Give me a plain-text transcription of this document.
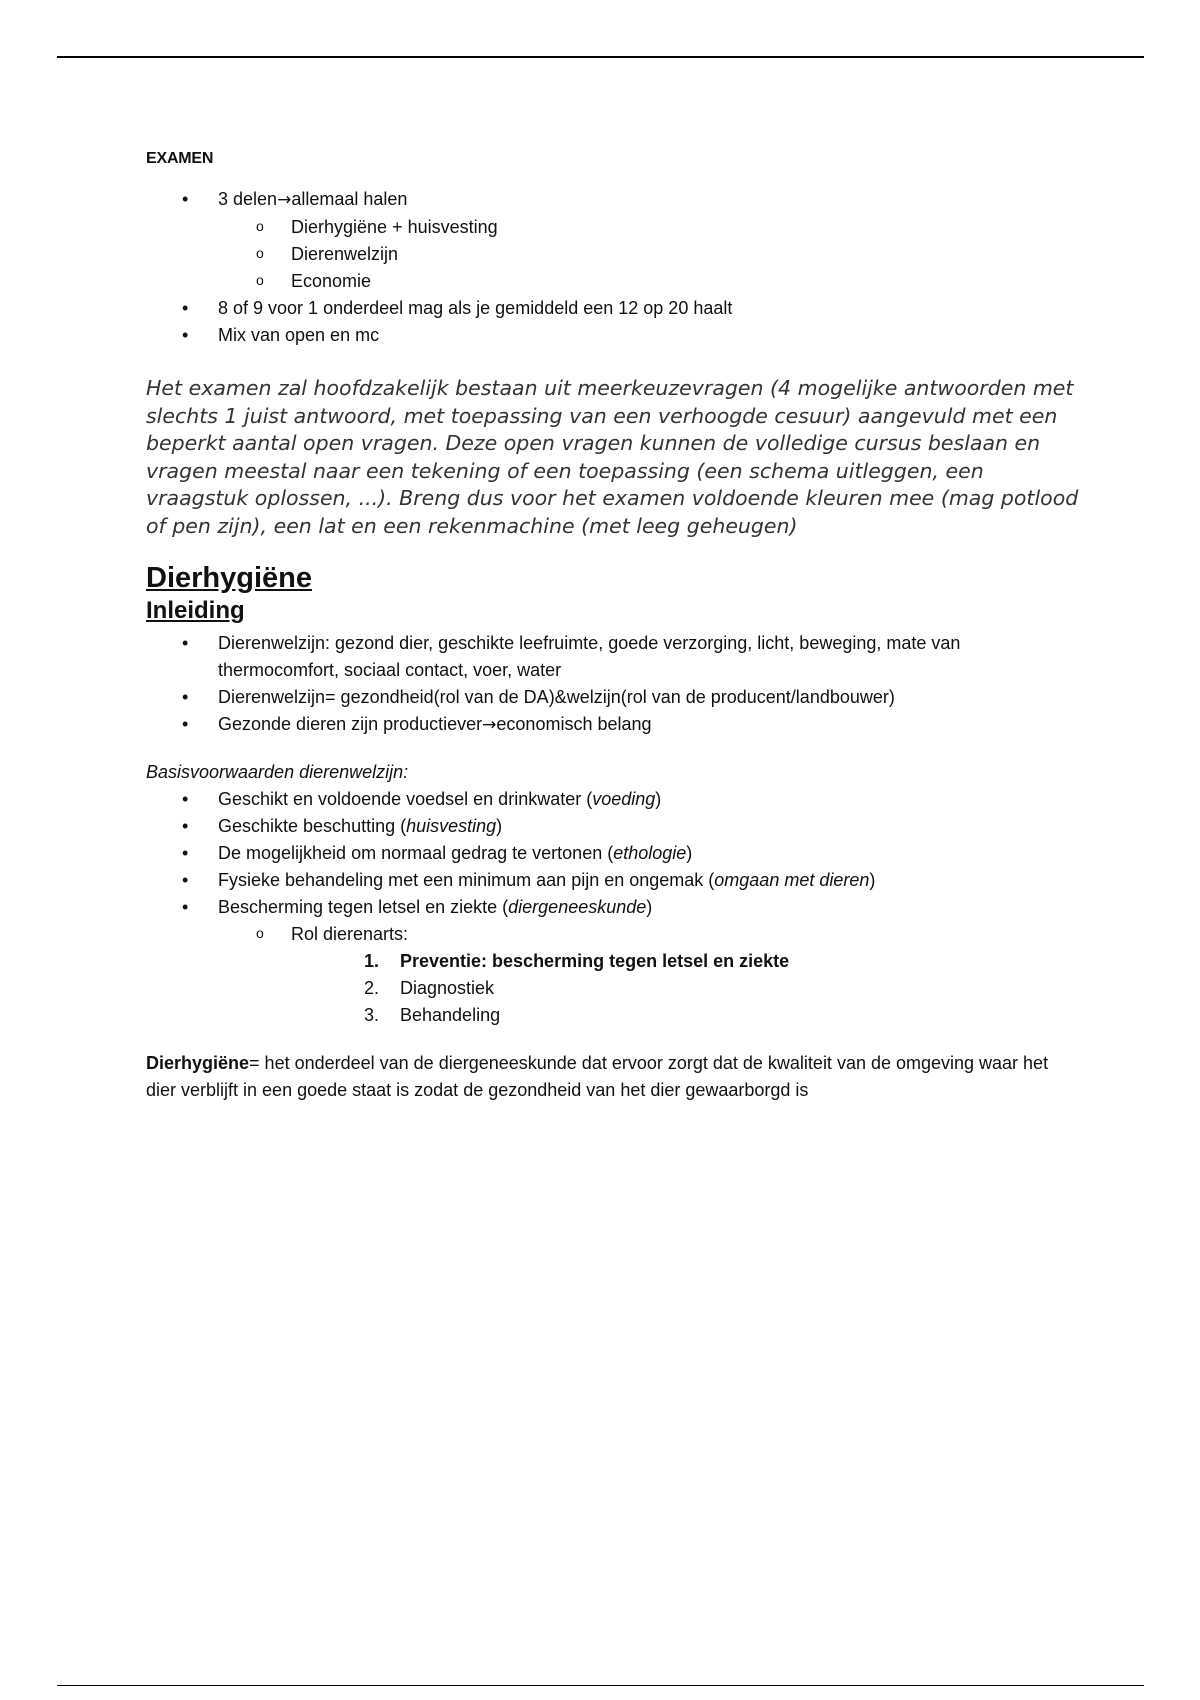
EXAMEN

• 3 delen→allemaal halen
o Dierhygiëne + huisvesting
o Dierenwelzijn
o Economie
• 8 of 9 voor 1 onderdeel mag als je gemiddeld een 12 op 20 haalt
• Mix van open en mc

Het examen zal hoofdzakelijk bestaan uit meerkeuzevragen (4 mogelijke antwoorden met slechts 1 juist antwoord, met toepassing van een verhoogde cesuur) aangevuld met een beperkt aantal open vragen. Deze open vragen kunnen de volledige cursus beslaan en vragen meestal naar een tekening of een toepassing (een schema uitleggen, een vraagstuk oplossen, ...). Breng dus voor het examen voldoende kleuren mee (mag potlood of pen zijn), een lat en een rekenmachine (met leeg geheugen)

Dierhygiëne
Inleiding
• Dierenwelzijn: gezond dier, geschikte leefruimte, goede verzorging, licht, beweging, mate van thermocomfort, sociaal contact, voer, water
• Dierenwelzijn= gezondheid(rol van de DA)&welzijn(rol van de producent/landbouwer)
• Gezonde dieren zijn productiever→economisch belang

Basisvoorwaarden dierenwelzijn:

• Geschikt en voldoende voedsel en drinkwater (voeding)
• Geschikte beschutting (huisvesting)
• De mogelijkheid om normaal gedrag te vertonen (ethologie)
• Fysieke behandeling met een minimum aan pijn en ongemak (omgaan met dieren)
• Bescherming tegen letsel en ziekte (diergeneeskunde)
o Rol dierenarts:
1. Preventie: bescherming tegen letsel en ziekte
2. Diagnostiek
3. Behandeling

Dierhygiëne= het onderdeel van de diergeneeskunde dat ervoor zorgt dat de kwaliteit van de omgeving waar het dier verblijft in een goede staat is zodat de gezondheid van het dier gewaarborgd is
